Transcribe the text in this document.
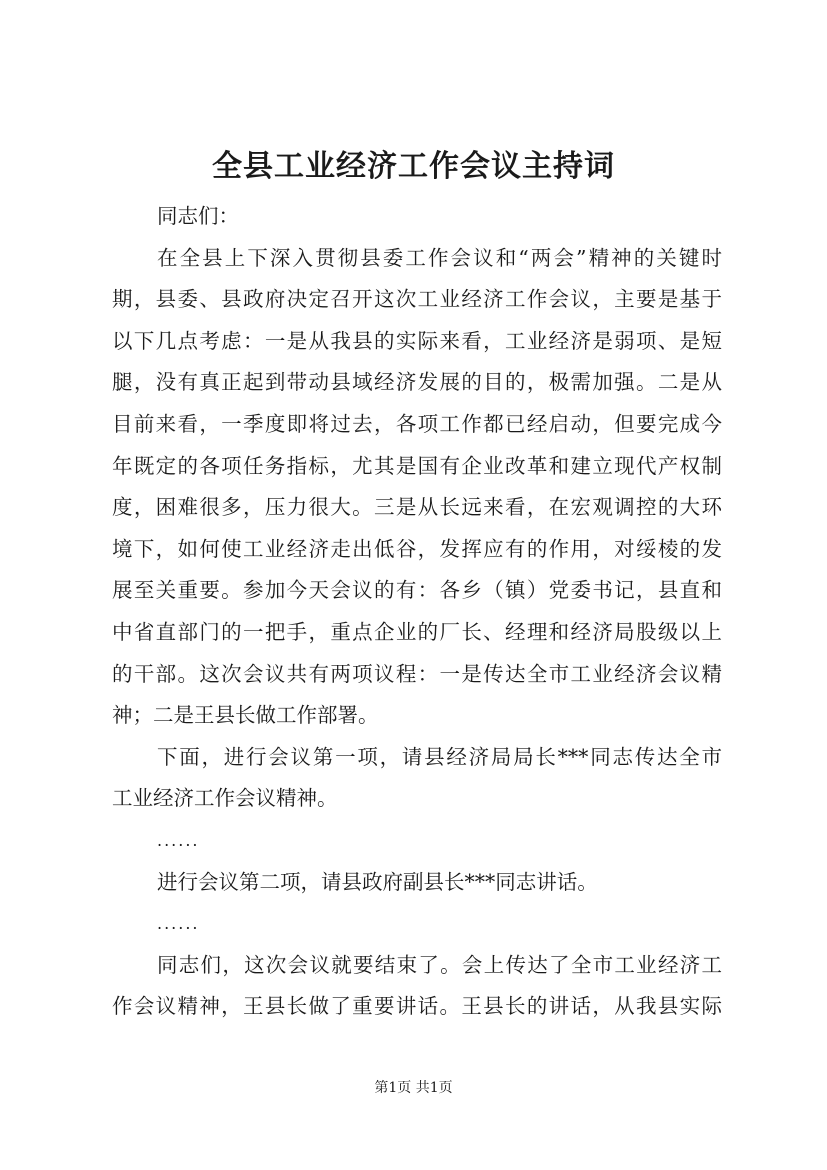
全县工业经济工作会议主持词
同志们：
在全县上下深入贯彻县委工作会议和“两会”精神的关键时
期，县委、县政府决定召开这次工业经济工作会议，主要是基于
以下几点考虑：一是从我县的实际来看，工业经济是弱项、是短
腿，没有真正起到带动县域经济发展的目的，极需加强。二是从
目前来看，一季度即将过去，各项工作都已经启动，但要完成今
年既定的各项任务指标，尤其是国有企业改革和建立现代产权制
度，困难很多，压力很大。三是从长远来看，在宏观调控的大环
境下，如何使工业经济走出低谷，发挥应有的作用，对绥棱的发
展至关重要。参加今天会议的有：各乡（镇）党委书记，县直和
中省直部门的一把手，重点企业的厂长、经理和经济局股级以上
的干部。这次会议共有两项议程：一是传达全市工业经济会议精
神；二是王县长做工作部署。
下面，进行会议第一项，请县经济局局长***同志传达全市
工业经济工作会议精神。
......
进行会议第二项，请县政府副县长***同志讲话。
......
同志们，这次会议就要结束了。会上传达了全市工业经济工
作会议精神，王县长做了重要讲话。王县长的讲话，从我县实际
第1页 共1页
